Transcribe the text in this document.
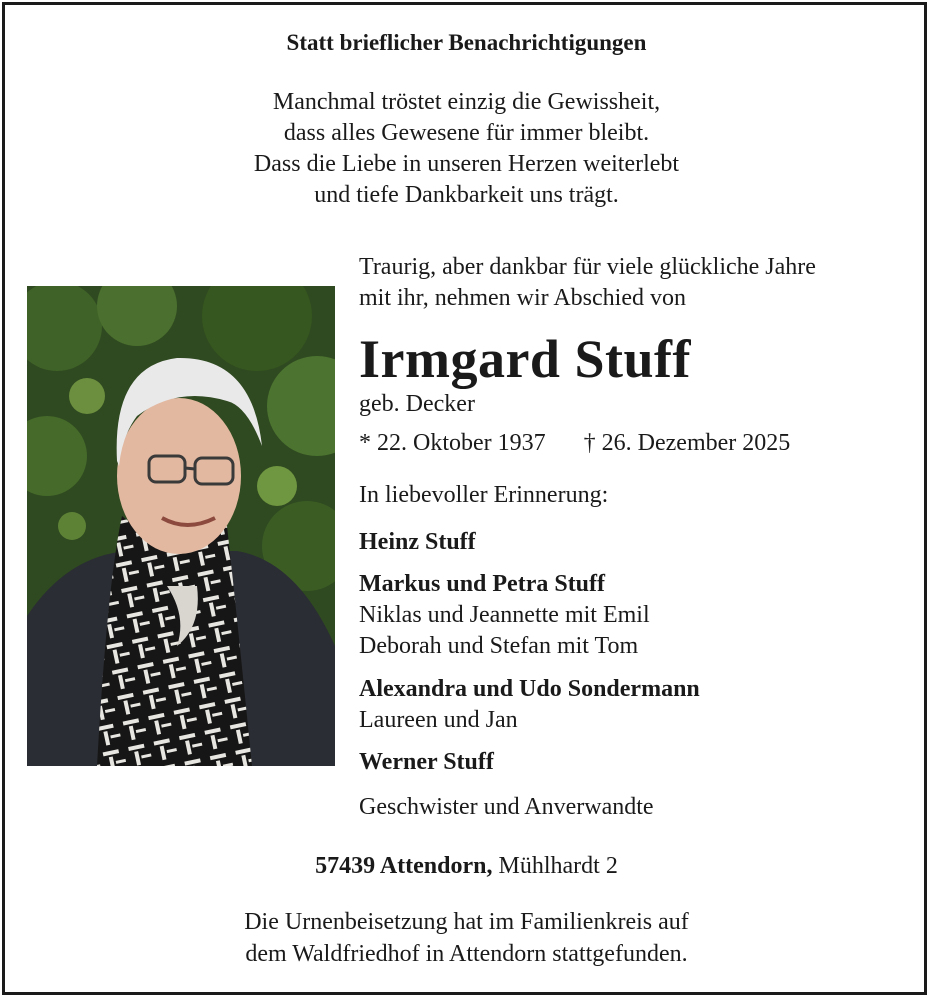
Statt brieflicher Benachrichtigungen
Manchmal tröstet einzig die Gewissheit,
dass alles Gewesene für immer bleibt.
Dass die Liebe in unseren Herzen weiterlebt
und tiefe Dankbarkeit uns trägt.
Traurig, aber dankbar für viele glückliche Jahre
mit ihr, nehmen wir Abschied von
Irmgard Stuff
geb. Decker
* 22. Oktober 1937 † 26. Dezember 2025
In liebevoller Erinnerung:
Heinz Stuff
Markus und Petra Stuff
Niklas und Jeannette mit Emil
Deborah und Stefan mit Tom
Alexandra und Udo Sondermann
Laureen und Jan
Werner Stuff
Geschwister und Anverwandte
57439 Attendorn, Mühlhardt 2
Die Urnenbeisetzung hat im Familienkreis auf
dem Waldfriedhof in Attendorn stattgefunden.
